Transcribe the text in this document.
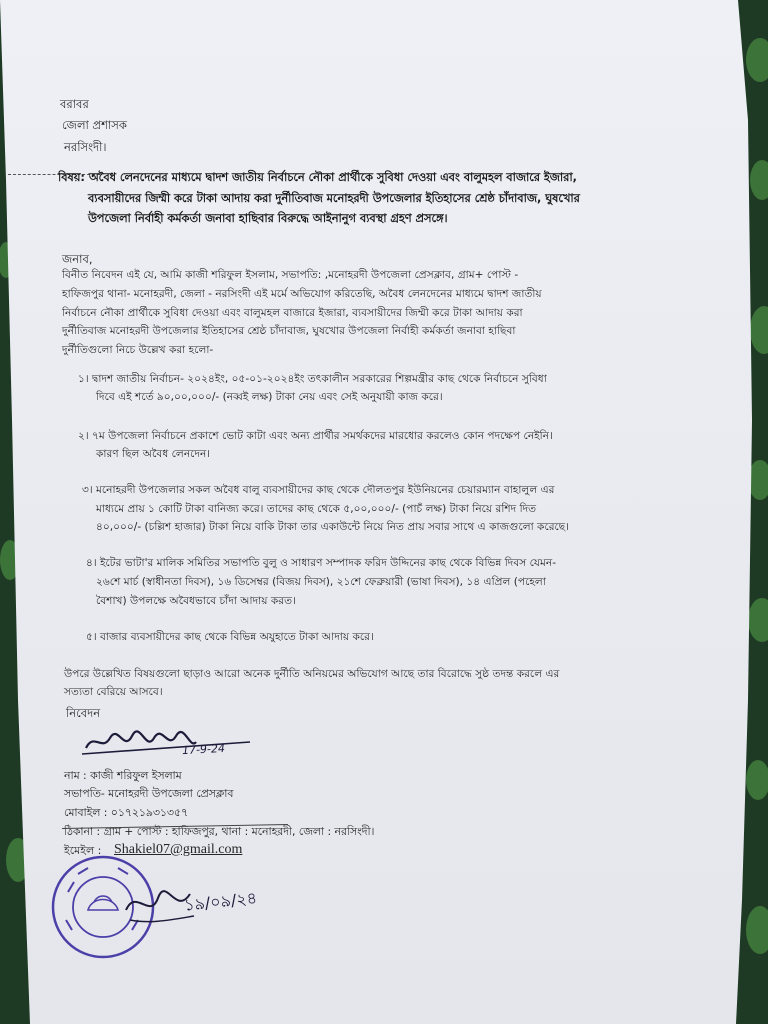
বরাবর

জেলা প্রশাসক

নরসিংদী।

বিষয়: অবৈধ লেনদেনের মাধ্যমে দ্বাদশ জাতীয় নির্বাচনে নৌকা প্রার্থীকে সুবিধা দেওয়া এবং বালুমহল বাজারে ইজারা,

ব্যবসায়ীদের জিম্মী করে টাকা আদায় করা দুর্নীতিবাজ মনোহরদী উপজেলার ইতিহাসের শ্রেষ্ঠ চাঁদাবাজ, ঘুষখোর

উপজেলা নির্বাহী কর্মকর্তা জনাবা হাছিবার বিরুদ্ধে আইনানুগ ব্যবস্থা গ্রহণ প্রসঙ্গে।

জনাব,

বিনীত নিবেদন এই যে, আমি কাজী শরিফুল ইসলাম, সভাপতি: ,মনোহরদী উপজেলা প্রেসক্লাব, গ্রাম+ পোস্ট -

হাফিজপুর থানা- মনোহরদী, জেলা - নরসিংদী এই মর্মে অভিযোগ করিতেছি, অবৈধ লেনদেনের মাধ্যমে দ্বাদশ জাতীয়

নির্বাচনে নৌকা প্রার্থীকে সুবিধা দেওয়া এবং বালুমহল বাজারে ইজারা, ব্যবসায়ীদের জিম্মী করে টাকা আদায় করা

দুর্নীতিবাজ মনোহরদী উপজেলার ইতিহাসের শ্রেষ্ঠ চাঁদাবাজ, ঘুষখোর উপজেলা নির্বাহী কর্মকর্তা জনাবা হাছিবা

দুর্নীতিগুলো নিচে উল্লেখ করা হলো-

১। দ্বাদশ জাতীয় নির্বাচন- ২০২৪ইং, ০৫-০১-২০২৪ইং তৎকালীন সরকারের শিল্পমন্ত্রীর কাছ থেকে নির্বাচনে সুবিধা

দিবে এই শর্তে ৯০,০০,০০০/- (নব্বই লক্ষ) টাকা নেয় এবং সেই অনুযায়ী কাজ করে।

২। ৭ম উপজেলা নির্বাচনে প্রকাশে ভোট কাটা এবং অন্য প্রার্থীর সমর্থকদের মারধোর করলেও কোন পদক্ষেপ নেইনি।

কারণ ছিল অবৈধ লেনদেন।

৩। মনোহরদী উপজেলার সকল অবৈধ বালু ব্যবসায়ীদের কাছ থেকে দৌলতপুর ইউনিয়নের চেয়ারম্যান বাহালুল এর

মাধ্যমে প্রায় ১ কোটি টাকা বানিজ্য করে। তাদের কাছ থেকে ৫,০০,০০০/- (পাচঁ লক্ষ) টাকা নিয়ে রশিদ দিত

৪০,০০০/- (চল্লিশ হাজার) টাকা নিয়ে বাকি টাকা তার একাউন্টে নিয়ে নিত প্রায় সবার সাথে এ কাজগুলো করেছে।

৪। ইটের ভাটা'র মালিক সমিতির সভাপতি বুলু ও সাধারণ সম্পাদক ফরিদ উদ্দিনের কাছ থেকে বিভিন্ন দিবস যেমন-

২৬শে মার্চ (স্বাধীনতা দিবস), ১৬ ডিসেম্বর (বিজয় দিবস), ২১শে ফেব্রুয়ারী (ভাষা দিবস), ১৪ এপ্রিল (পহেলা

বৈশাখ) উপলক্ষে অবৈধভাবে চাঁদা আদায় করত।

৫। বাজার ব্যবসায়ীদের কাছ থেকে বিভিন্ন অযুহাতে টাকা আদায় করে।

উপরে উল্লেখিত বিষয়গুলো ছাড়াও আরো অনেক দুর্নীতি অনিয়মের অভিযোগ আছে তার বিরোদ্ধে সুষ্ঠ তদন্ত করলে এর

সত্যতা বেরিয়ে আসবে।

নিবেদন

17-9-24

নাম : কাজী শরিফুল ইসলাম

সভাপতি- মনোহরদী উপজেলা প্রেসক্লাব

মোবাইল : ০১৭২১৯৩১৩৫৭

ঠিকানা : গ্রাম + পোস্ট : হাফিজপুর, থানা : মনোহরদী, জেলা : নরসিংদী।

ইমেইল : Shakiel07@gmail.com

১৯/০৯/২৪
